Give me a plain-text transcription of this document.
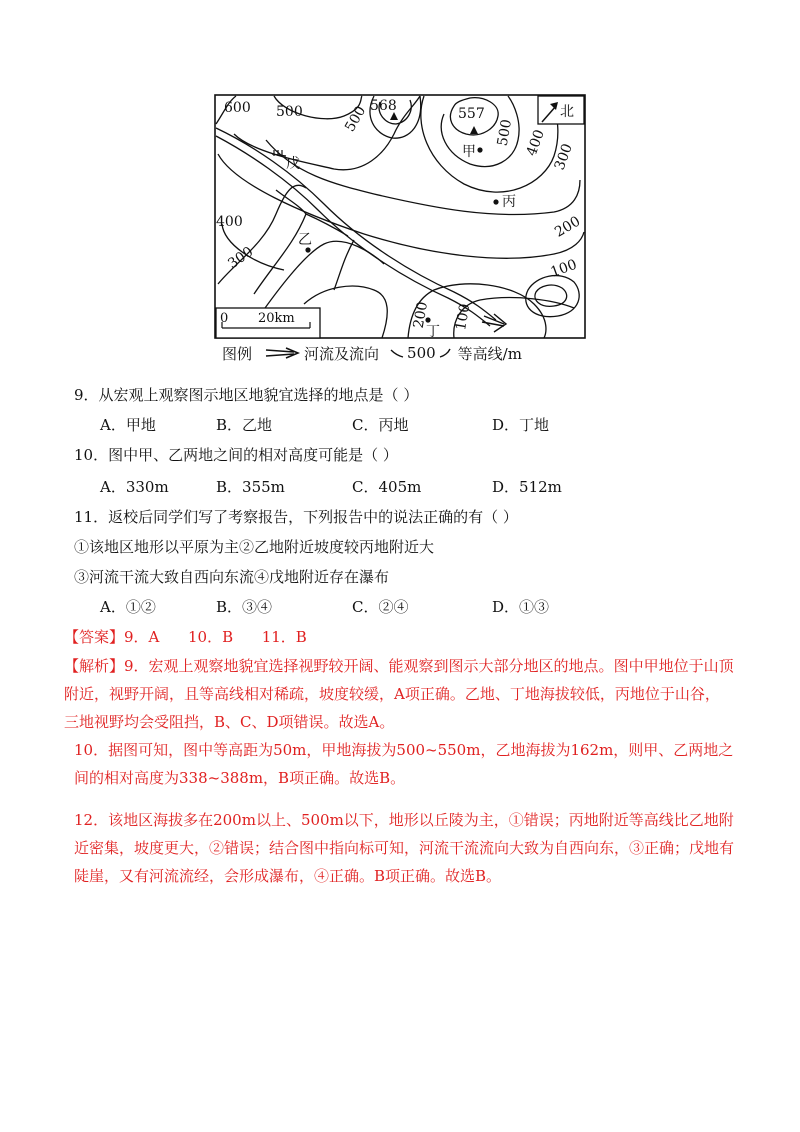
600 500	500 568	557
500 400 300
200
100
400
300
200 100
甲
丙
乙
丁
戊
北
0 20km
图例	河流及流向 500 等高线/m
9．从宏观上观察图示地区地貌宜选择的地点是（ ）
A．甲地	B．乙地	C．丙地	D．丁地
10．图中甲、乙两地之间的相对高度可能是（ ）
A．330m	B．355m	C．405m	D．512m
11．返校后同学们写了考察报告，下列报告中的说法正确的有（ ）
①该地区地形以平原为主②乙地附近坡度较丙地附近大
③河流干流大致自西向东流④戊地附近存在瀑布
A．①②	B．③④	C．②④	D．①③
【答案】9．A      10．B      11．B
【解析】9．宏观上观察地貌宜选择视野较开阔、能观察到图示大部分地区的地点。图中甲地位于山顶附近，视野开阔，且等高线相对稀疏，坡度较缓，A项正确。乙地、丁地海拔较低，丙地位于山谷，三地视野均会受阻挡，B、C、D项错误。故选A。
10．据图可知，图中等高距为50m，甲地海拔为500~550m，乙地海拔为162m，则甲、乙两地之间的相对高度为338~388m，B项正确。故选B。
12．该地区海拔多在200m以上、500m以下，地形以丘陵为主，①错误；丙地附近等高线比乙地附近密集，坡度更大，②错误；结合图中指向标可知，河流干流流向大致为自西向东，③正确；戊地有陡崖，又有河流流经，会形成瀑布，④正确。B项正确。故选B。
